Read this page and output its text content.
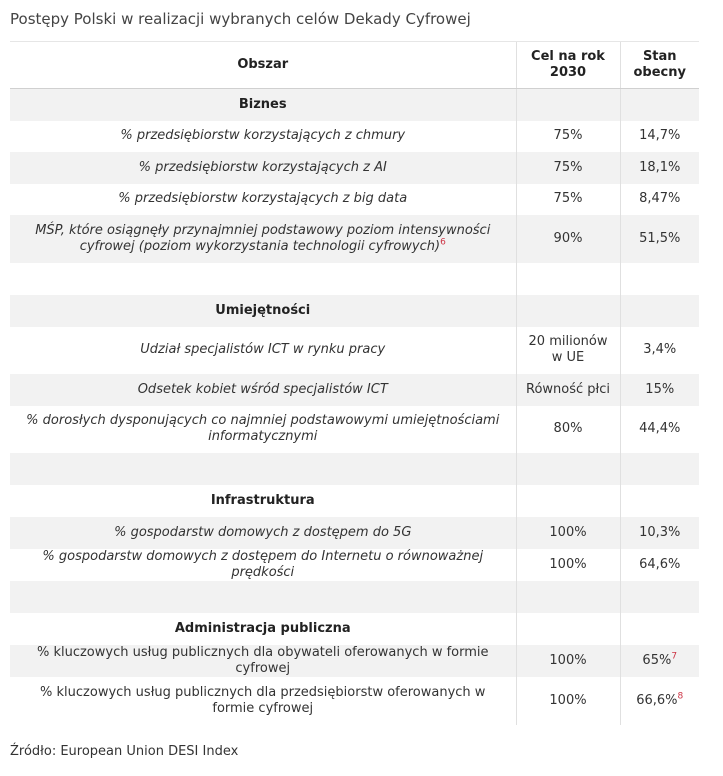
Postępy Polski w realizacji wybranych celów Dekady Cyfrowej
Obszar	Cel na rok 2030	Stan obecny
Biznes		
% przedsiębiorstw korzystających z chmury	75%	14,7%
% przedsiębiorstw korzystających z AI	75%	18,1%
% przedsiębiorstw korzystających z big data	75%	8,47%
MŚP, które osiągnęły przynajmniej podstawowy poziom intensywności cyfrowej (poziom wykorzystania technologii cyfrowych)$^6$	90%	51,5%

Umiejętności		
Udział specjalistów ICT w rynku pracy	20 milionów w UE	3,4%
Odsetek kobiet wśród specjalistów ICT	Równość płci	15%
% dorosłych dysponujących co najmniej podstawowymi umiejętnościami informatycznymi	80%	44,4%

Infrastruktura		
% gospodarstw domowych z dostępem do 5G	100%	10,3%
% gospodarstw domowych z dostępem do Internetu o równoważnej prędkości	100%	64,6%

Administracja publiczna		
% kluczowych usług publicznych dla obywateli oferowanych w formie cyfrowej	100%	65%$^7$
% kluczowych usług publicznych dla przedsiębiorstw oferowanych w formie cyfrowej	100%	66,6%$^8$
Źródło: European Union DESI Index
